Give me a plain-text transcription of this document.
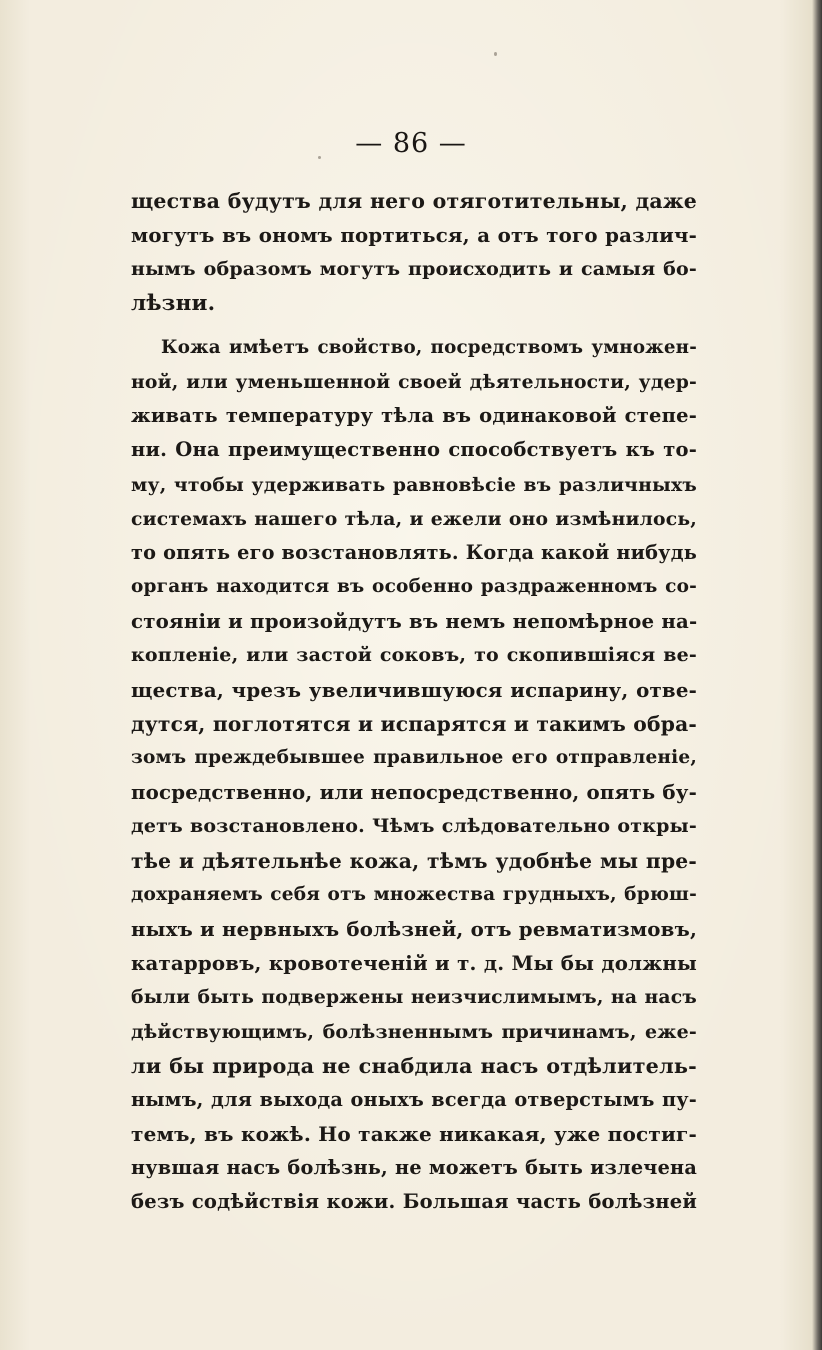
— 86 —
щества будутъ для него отяготительны, даже
могутъ въ ономъ портиться, а отъ того различ-
нымъ образомъ могутъ происходить и самыя бо-
лѣзни.
Кожа имѣетъ свойство, посредствомъ умножен-
ной, или уменьшенной своей дѣятельности, удер-
живать температуру тѣла въ одинаковой степе-
ни. Она преимущественно способствуетъ къ то-
му, чтобы удерживать равновѣсіе въ различныхъ
системахъ нашего тѣла, и ежели оно измѣнилось,
то опять его возстановлять. Когда какой нибудь
органъ находится въ особенно раздраженномъ со-
стояніи и произойдутъ въ немъ непомѣрное на-
копленіе, или застой соковъ, то скопившіяся ве-
щества, чрезъ увеличившуюся испарину, отве-
дутся, поглотятся и испарятся и такимъ обра-
зомъ преждебывшее правильное его отправленіе,
посредственно, или непосредственно, опять бу-
детъ возстановлено. Чѣмъ слѣдовательно откры-
тѣе и дѣятельнѣе кожа, тѣмъ удобнѣе мы пре-
дохраняемъ себя отъ множества грудныхъ, брюш-
ныхъ и нервныхъ болѣзней, отъ ревматизмовъ,
катарровъ, кровотеченій и т. д. Мы бы должны
были быть подвержены неизчислимымъ, на насъ
дѣйствующимъ, болѣзненнымъ причинамъ, еже-
ли бы природа не снабдила насъ отдѣлитель-
нымъ, для выхода оныхъ всегда отверстымъ пу-
темъ, въ кожѣ. Но также никакая, уже постиг-
нувшая насъ болѣзнь, не можетъ быть излечена
безъ содѣйствія кожи. Большая часть болѣзней
